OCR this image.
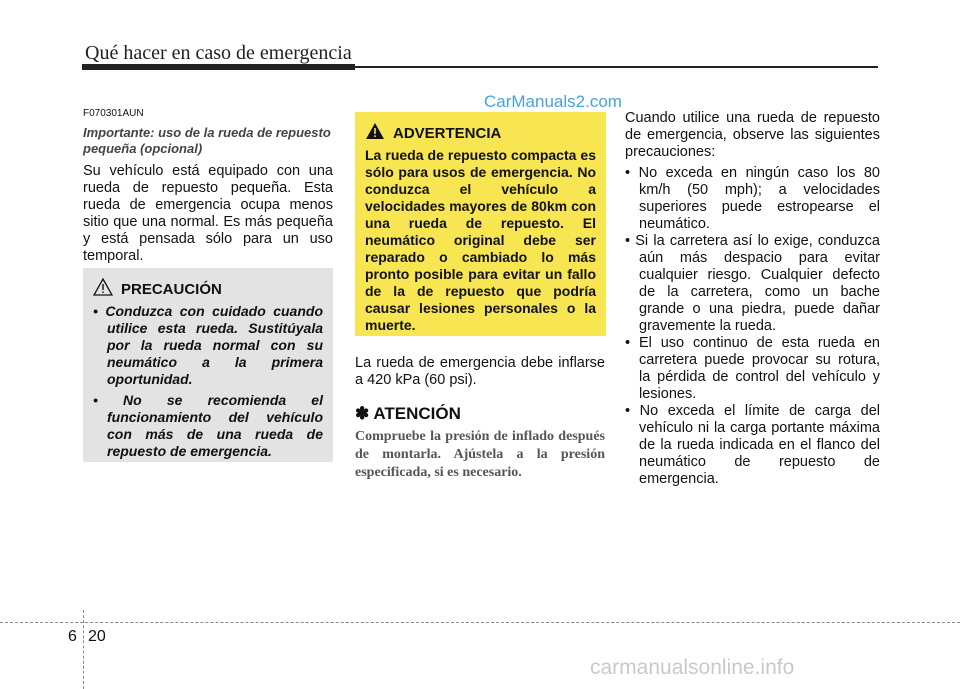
Qué hacer en caso de emergencia
CarManuals2.com
F070301AUN
Importante: uso de la rueda de repuesto pequeña (opcional)
Su vehículo está equipado con una rueda de repuesto pequeña. Esta rueda de emergencia ocupa menos sitio que una normal. Es más pequeña y está pensada sólo para un uso temporal.
PRECAUCIÓN
• Conduzca con cuidado cuando utilice esta rueda. Sustitúyala por la rueda normal con su neumático a la primera oportunidad.
• No se recomienda el funcionamiento del vehículo con más de una rueda de repuesto de emergencia.
ADVERTENCIA
La rueda de repuesto compacta es sólo para usos de emergencia. No conduzca el vehículo a velocidades mayores de 80km con una rueda de repuesto. El neumático original debe ser reparado o cambiado lo más pronto posible para evitar un fallo de la de repuesto que podría causar lesiones personales o la muerte.
La rueda de emergencia debe inflarse a 420 kPa (60 psi).
✽ ATENCIÓN
Compruebe la presión de inflado después de montarla. Ajústela a la presión especificada, si es necesario.
Cuando utilice una rueda de repuesto de emergencia, observe las siguientes precauciones:
• No exceda en ningún caso los 80 km/h (50 mph); a velocidades superiores puede estropearse el neumático.
• Si la carretera así lo exige, conduzca aún más despacio para evitar cualquier riesgo. Cualquier defecto de la carretera, como un bache grande o una piedra, puede dañar gravemente la rueda.
• El uso continuo de esta rueda en carretera puede provocar su rotura, la pérdida de control del vehículo y lesiones.
• No exceda el límite de carga del vehículo ni la carga portante máxima de la rueda indicada en el flanco del neumático de repuesto de emergencia.
6 20
carmanualsonline.info
